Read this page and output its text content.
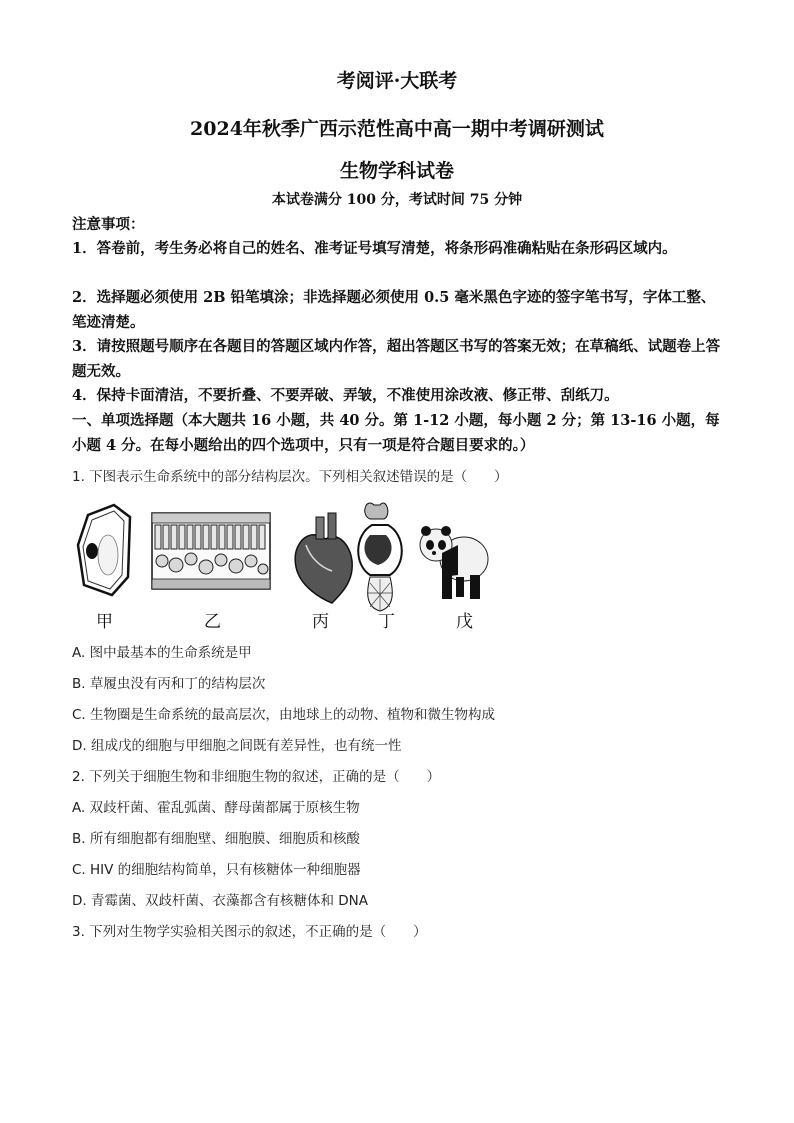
考阅评·大联考
2024年秋季广西示范性高中高一期中考调研测试
生物学科试卷
本试卷满分 100 分，考试时间 75 分钟
注意事项：
1．答卷前，考生务必将自己的姓名、准考证号填写清楚，将条形码准确粘贴在条形码区域内。
2．选择题必须使用 2B 铅笔填涂；非选择题必须使用 0.5 毫米黑色字迹的签字笔书写，字体工整、笔迹清楚。
3．请按照题号顺序在各题目的答题区域内作答，超出答题区书写的答案无效；在草稿纸、试题卷上答题无效。
4．保持卡面清洁，不要折叠、不要弄破、弄皱，不准使用涂改液、修正带、刮纸刀。
一、单项选择题（本大题共 16 小题，共 40 分。第 1-12 小题，每小题 2 分；第 13-16 小题，每小题 4 分。在每小题给出的四个选项中，只有一项是符合题目要求的。）
1. 下图表示生命系统中的部分结构层次。下列相关叙述错误的是（　　）
甲	乙	丙	丁	戊
A. 图中最基本的生命系统是甲
B. 草履虫没有丙和丁的结构层次
C. 生物圈是生命系统的最高层次，由地球上的动物、植物和微生物构成
D. 组成戊的细胞与甲细胞之间既有差异性，也有统一性
2. 下列关于细胞生物和非细胞生物的叙述，正确的是（　　）
A. 双歧杆菌、霍乱弧菌、酵母菌都属于原核生物
B. 所有细胞都有细胞壁、细胞膜、细胞质和核酸
C. HIV 的细胞结构简单，只有核糖体一种细胞器
D. 青霉菌、双歧杆菌、衣藻都含有核糖体和 DNA
3. 下列对生物学实验相关图示的叙述，不正确的是（　　）
